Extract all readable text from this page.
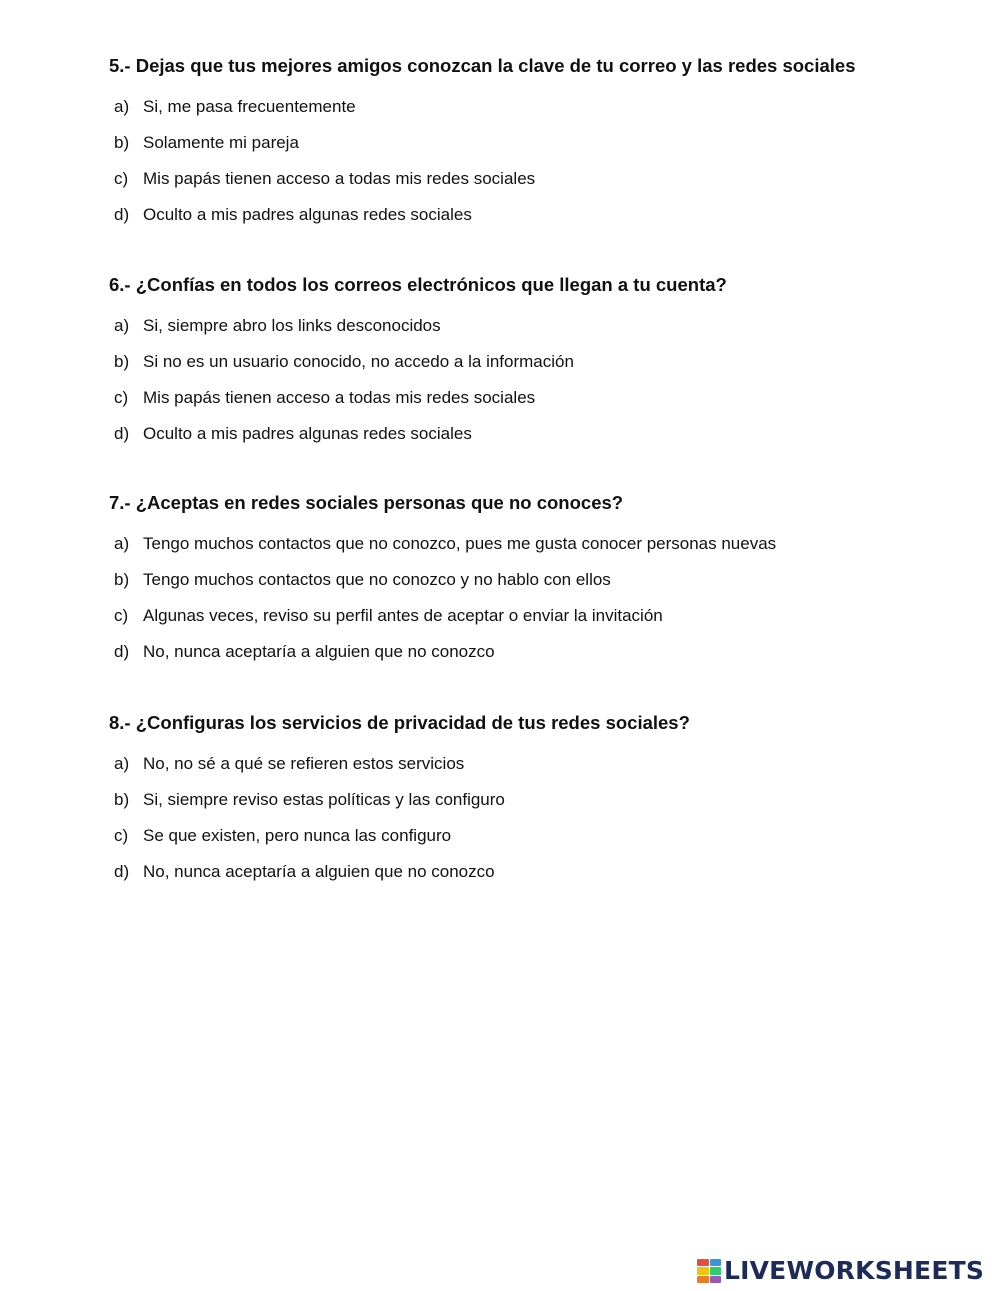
5.- Dejas que tus mejores amigos conozcan la clave de tu correo y las redes sociales
a) Si, me pasa frecuentemente
b) Solamente mi pareja
c) Mis papás tienen acceso a todas mis redes sociales
d) Oculto a mis padres algunas redes sociales
6.- ¿Confías en todos los correos electrónicos que llegan a tu cuenta?
a) Si, siempre abro los links desconocidos
b) Si no es un usuario conocido, no accedo a la información
c) Mis papás tienen acceso a todas mis redes sociales
d) Oculto a mis padres algunas redes sociales
7.- ¿Aceptas en redes sociales personas que no conoces?
a) Tengo muchos contactos que no conozco, pues me gusta conocer personas nuevas
b) Tengo muchos contactos que no conozco y no hablo con ellos
c) Algunas veces, reviso su perfil antes de aceptar o enviar la invitación
d) No, nunca aceptaría a alguien que no conozco
8.- ¿Configuras los servicios de privacidad de tus redes sociales?
a) No, no sé a qué se refieren estos servicios
b) Si, siempre reviso estas políticas y las configuro
c) Se que existen, pero nunca las configuro
d) No, nunca aceptaría a alguien que no conozco
LIVEWORKSHEETS
